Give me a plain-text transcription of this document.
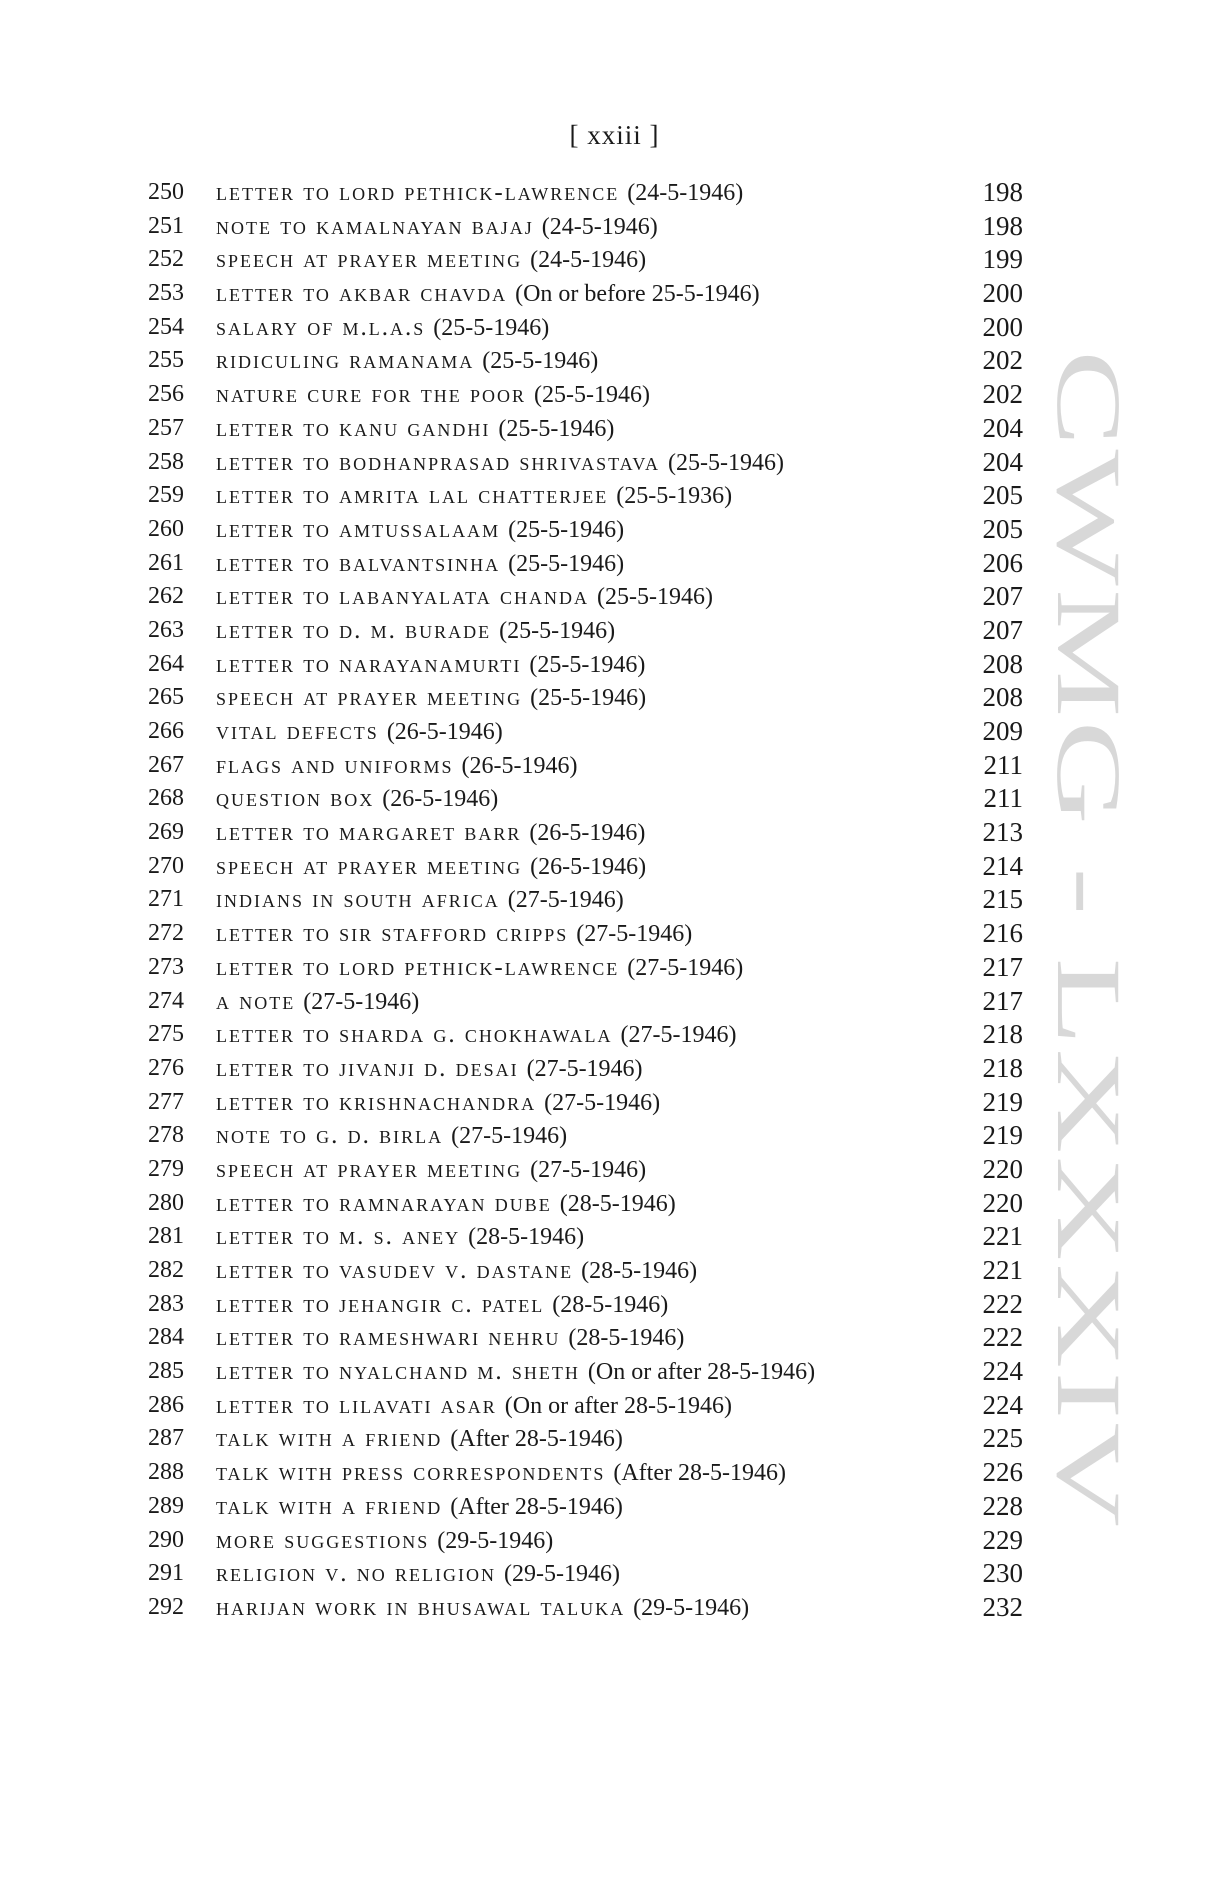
CWMG - LXXXIV
[ xxiii ]
250 letter to lord pethick-lawrence (24-5-1946)	198
251 note to kamalnayan bajaj (24-5-1946)	198
252 speech at prayer meeting (24-5-1946)	199
253 letter to akbar chavda (On or before 25-5-1946)	200
254 salary of m.l.a.s (25-5-1946)	200
255 ridiculing ramanama (25-5-1946)	202
256 nature cure for the poor (25-5-1946)	202
257 letter to kanu gandhi (25-5-1946)	204
258 letter to bodhanprasad shrivastava (25-5-1946)	204
259 letter to amrita lal chatterjee (25-5-1936)	205
260 letter to amtussalaam (25-5-1946)	205
261 letter to balvantsinha (25-5-1946)	206
262 letter to labanyalata chanda (25-5-1946)	207
263 letter to d. m. burade (25-5-1946)	207
264 letter to narayanamurti (25-5-1946)	208
265 speech at prayer meeting (25-5-1946)	208
266 vital defects (26-5-1946)	209
267 flags and uniforms (26-5-1946)	211
268 question box (26-5-1946)	211
269 letter to margaret barr (26-5-1946)	213
270 speech at prayer meeting (26-5-1946)	214
271 indians in south africa (27-5-1946)	215
272 letter to sir stafford cripps (27-5-1946)	216
273 letter to lord pethick-lawrence (27-5-1946)	217
274 a note (27-5-1946)	217
275 letter to sharda g. chokhawala (27-5-1946)	218
276 letter to jivanji d. desai (27-5-1946)	218
277 letter to krishnachandra (27-5-1946)	219
278 note to g. d. birla (27-5-1946)	219
279 speech at prayer meeting (27-5-1946)	220
280 letter to ramnarayan dube (28-5-1946)	220
281 letter to m. s. aney (28-5-1946)	221
282 letter to vasudev v. dastane (28-5-1946)	221
283 letter to jehangir c. patel (28-5-1946)	222
284 letter to rameshwari nehru (28-5-1946)	222
285 letter to nyalchand m. sheth (On or after 28-5-1946)	224
286 letter to lilavati asar (On or after 28-5-1946)	224
287 talk with a friend (After 28-5-1946)	225
288 talk with press correspondents (After 28-5-1946)	226
289 talk with a friend (After 28-5-1946)	228
290 more suggestions (29-5-1946)	229
291 religion v. no religion (29-5-1946)	230
292 harijan work in bhusawal taluka (29-5-1946)	232
